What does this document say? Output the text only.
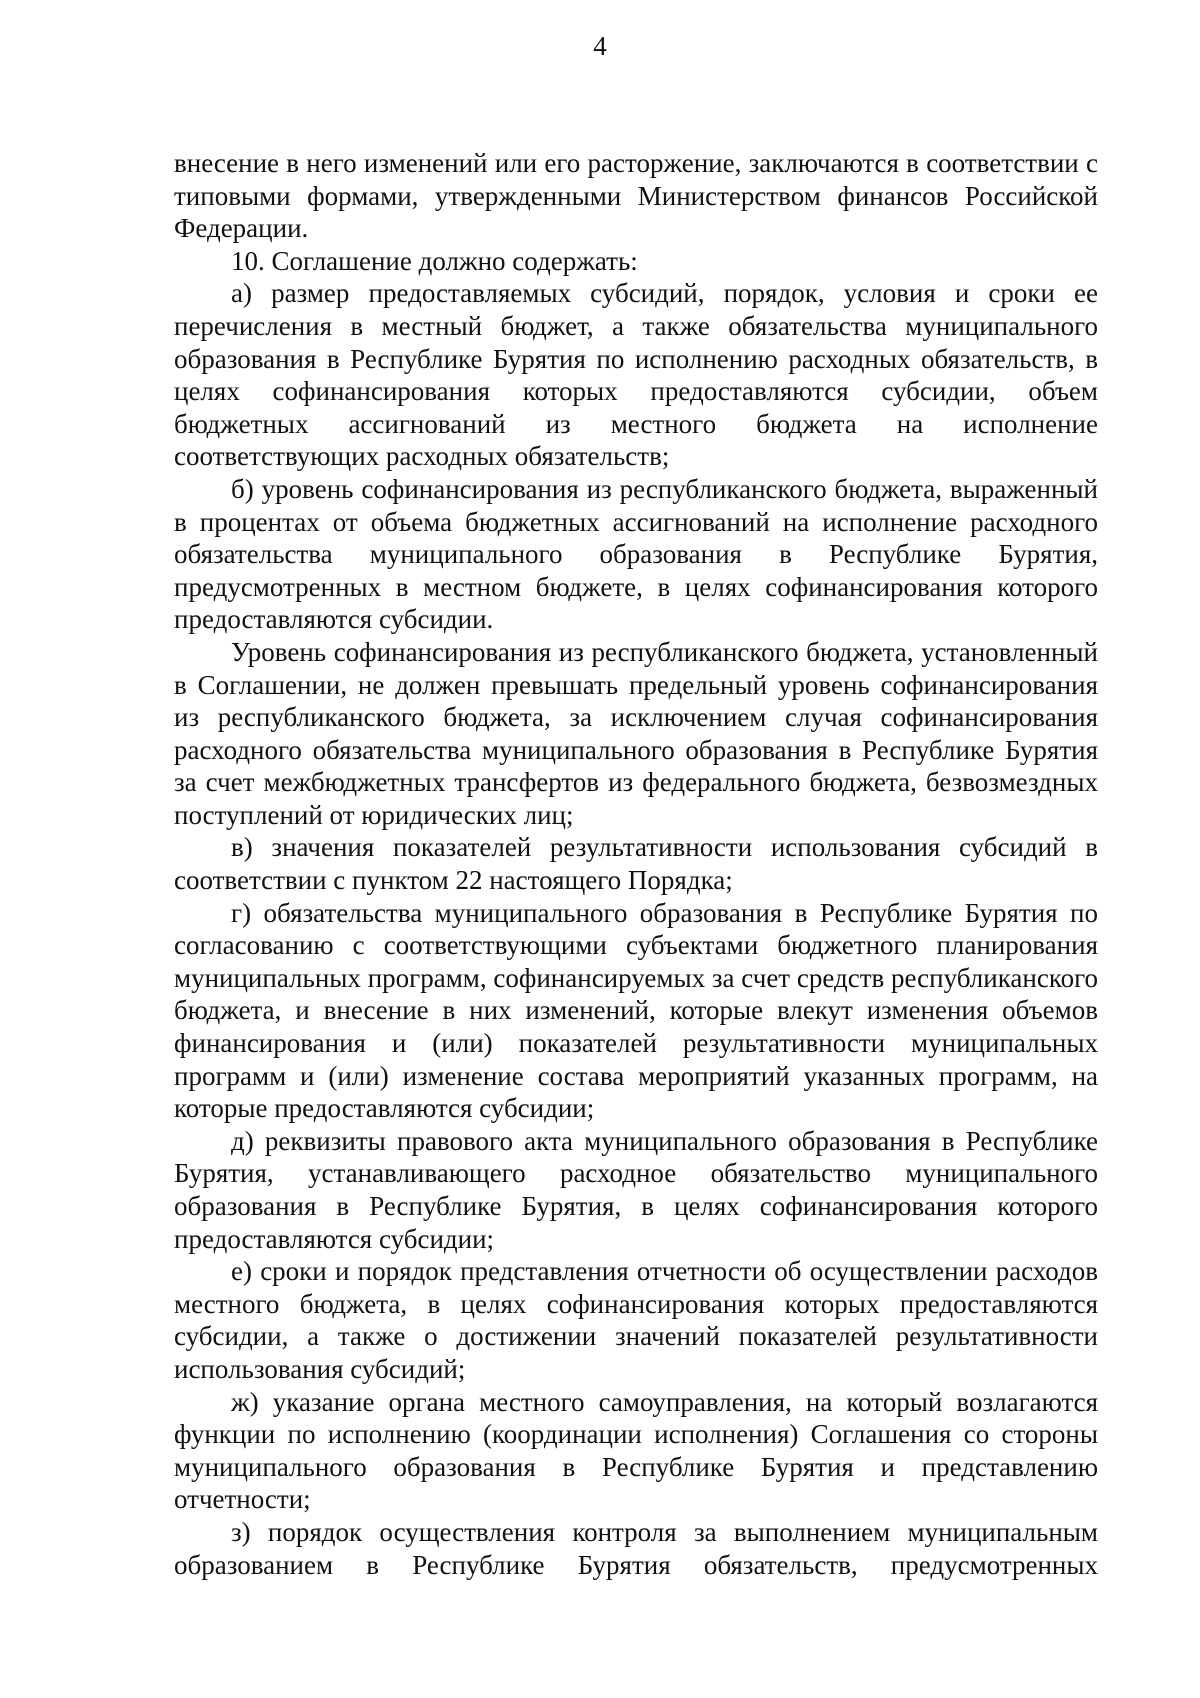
4

внесение в него изменений или его расторжение, заключаются в соответствии с типовыми формами, утвержденными Министерством финансов Российской Федерации.

10. Соглашение должно содержать:

а) размер предоставляемых субсидий, порядок, условия и сроки ее перечисления в местный бюджет, а также обязательства муниципального образования в Республике Бурятия по исполнению расходных обязательств, в целях софинансирования которых предоставляются субсидии, объем бюджетных ассигнований из местного бюджета на исполнение соответствующих расходных обязательств;

б) уровень софинансирования из республиканского бюджета, выраженный в процентах от объема бюджетных ассигнований на исполнение расходного обязательства муниципального образования в Республике Бурятия, предусмотренных в местном бюджете, в целях софинансирования которого предоставляются субсидии.

Уровень софинансирования из республиканского бюджета, установленный в Соглашении, не должен превышать предельный уровень софинансирования из республиканского бюджета, за исключением случая софинансирования расходного обязательства муниципального образования в Республике Бурятия за счет межбюджетных трансфертов из федерального бюджета, безвозмездных поступлений от юридических лиц;

в) значения показателей результативности использования субсидий в соответствии с пунктом 22 настоящего Порядка;

г) обязательства муниципального образования в Республике Бурятия по согласованию с соответствующими субъектами бюджетного планирования муниципальных программ, софинансируемых за счет средств республиканского бюджета, и внесение в них изменений, которые влекут изменения объемов финансирования и (или) показателей результативности муниципальных программ и (или) изменение состава мероприятий указанных программ, на которые предоставляются субсидии;

д) реквизиты правового акта муниципального образования в Республике Бурятия, устанавливающего расходное обязательство муниципального образования в Республике Бурятия, в целях софинансирования которого предоставляются субсидии;

е) сроки и порядок представления отчетности об осуществлении расходов местного бюджета, в целях софинансирования которых предоставляются субсидии, а также о достижении значений показателей результативности использования субсидий;

ж) указание органа местного самоуправления, на который возлагаются функции по исполнению (координации исполнения) Соглашения со стороны муниципального образования в Республике Бурятия и представлению отчетности;

з) порядок осуществления контроля за выполнением муниципальным образованием в Республике Бурятия обязательств, предусмотренных
